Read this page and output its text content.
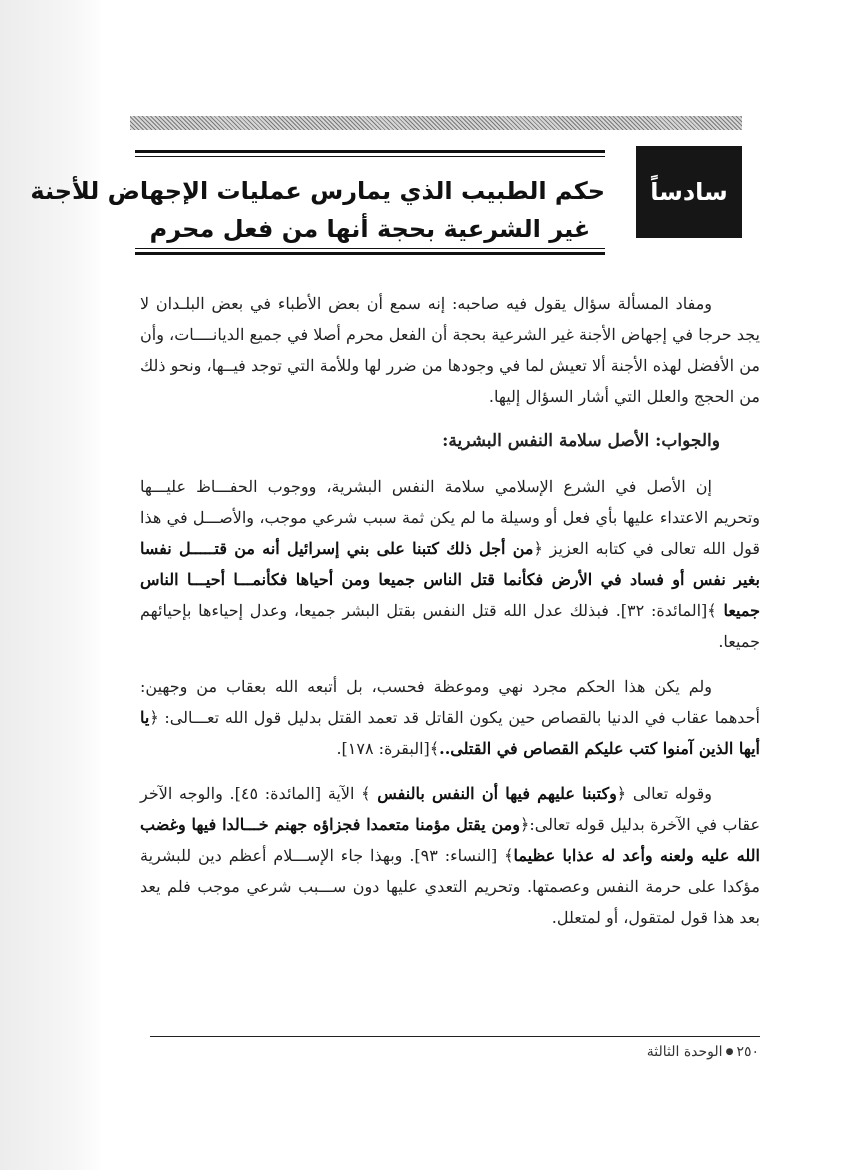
سادساً
حكم الطبيب الذي يمارس عمليات الإجهاض للأجنة
غير الشرعية بحجة أنها من فعل محرم

ومفاد المسألة سؤال يقول فيه صاحبه: إنه سمع أن بعض الأطباء في بعض البلـدان لا يجد حرجا في إجهاض الأجنة غير الشرعية بحجة أن الفعل محرم أصلا في جميع الديانــــات، وأن من الأفضل لهذه الأجنة ألا تعيش لما في وجودها من ضرر لها وللأمة التي توجد فيــها، ونحو ذلك من الحجج والعلل التي أشار السؤال إليها.

والجواب: الأصل سلامة النفس البشرية:

إن الأصل في الشرع الإسلامي سلامة النفس البشرية، ووجوب الحفـــاظ عليـــها وتحريم الاعتداء عليها بأي فعل أو وسيلة ما لم يكن ثمة سبب شرعي موجب، والأصـــل في هذا قول الله تعالى في كتابه العزيز ﴿من أجل ذلك كتبنا على بني إسرائيل أنه من قتـــــل نفسا بغير نفس أو فساد في الأرض فكأنما قتل الناس جميعا ومن أحياها فكأنمـــا أحيـــا الناس جميعا ﴾[المائدة: ٣٢]. فبذلك عدل الله قتل النفس بقتل البشر جميعا، وعدل إحياءها بإحيائهم جميعا.

ولم يكن هذا الحكم مجرد نهي وموعظة فحسب، بل أتبعه الله بعقاب من وجهين: أحدهما عقاب في الدنيا بالقصاص حين يكون القاتل قد تعمد القتل بدليل قول الله تعـــالى: ﴿يا أيها الذين آمنوا كتب عليكم القصاص في القتلى..﴾[البقرة: ١٧٨].

وقوله تعالى ﴿وكتبنا عليهم فيها أن النفس بالنفس ﴾ الآية [المائدة: ٤٥]. والوجه الآخر عقاب في الآخرة بدليل قوله تعالى:﴿ومن يقتل مؤمنا متعمدا فجزاؤه جهنم خـــالدا فيها وغضب الله عليه ولعنه وأعد له عذابا عظيما﴾ [النساء: ٩٣]. وبهذا جاء الإســـلام أعظم دين للبشرية مؤكدا على حرمة النفس وعصمتها. وتحريم التعدي عليها دون ســـبب شرعي موجب فلم يعد بعد هذا قول لمتقول، أو لمتعلل.

٢٥٠●الوحدة الثالثة
